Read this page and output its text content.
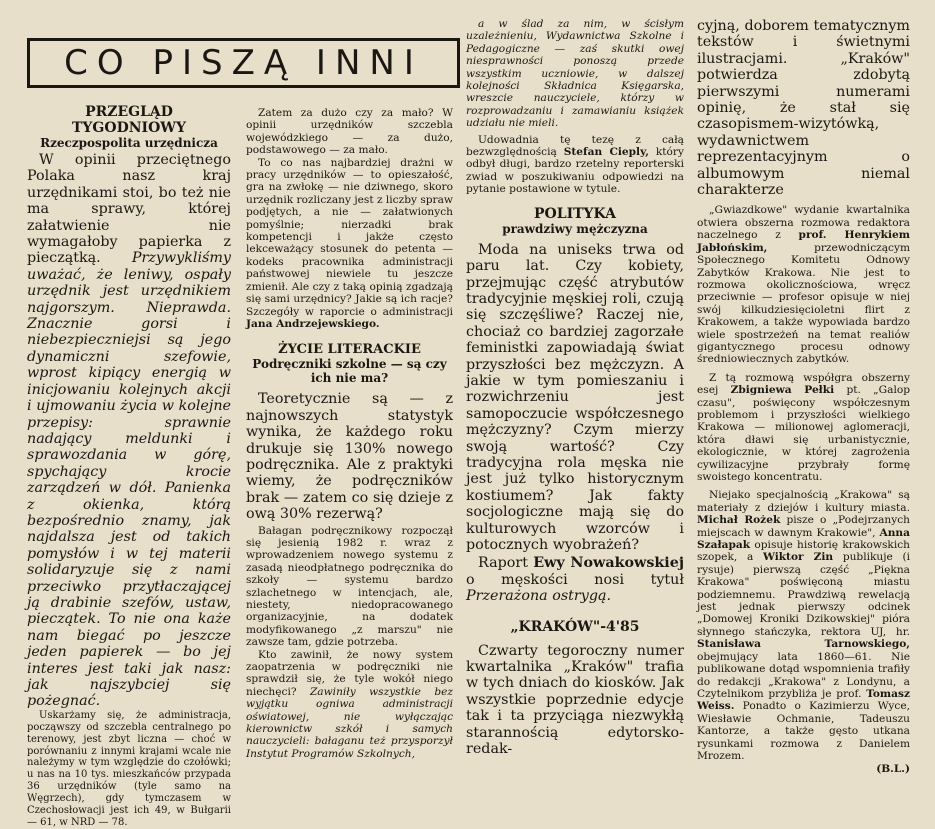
CO PISZĄ INNI

PRZEGLĄD

TYGODNIOWY

Rzeczpospolita urzędnicza

W opinii przeciętnego Polaka nasz kraj urzędnikami stoi, bo też nie ma sprawy, której załatwienie nie wymagałoby papierka z pieczątką. Przywykliśmy uważać, że leniwy, ospały urzędnik jest urzędnikiem najgorszym. Nieprawda. Znacznie gorsi i niebezpieczniejsi są jego dynamiczni szefowie, wprost kipiący energią w inicjowaniu kolejnych akcji i ujmowaniu życia w kolejne przepisy: sprawnie nadający meldunki i sprawozdania w górę, spychający krocie zarządzeń w dół. Panienka z okienka, którą bezpośrednio znamy, jak najdalsza jest od takich pomysłów i w tej materii solidaryzuje się z nami przeciwko przytłaczającej ją drabinie szefów, ustaw, pieczątek. To nie ona każe nam biegać po jeszcze jeden papierek — bo jej interes jest taki jak nasz: jak najszybciej się pożegnać.

Uskarżamy się, że administracja, począwszy od szczebla centralnego po terenowy, jest zbyt liczna — choć w porównaniu z innymi krajami wcale nie należymy w tym względzie do czołówki; u nas na 10 tys. mieszkańców przypada 36 urzędników (tyle samo na Węgrzech), gdy tymczasem w Czechosłowacji jest ich 49, w Bułgarii — 61, w NRD — 78.

Zatem za dużo czy za mało? W opinii urzędników szczebla wojewódzkiego — za dużo, podstawowego — za mało.

To co nas najbardziej drażni w pracy urzędników — to opieszałość, gra na zwłokę — nie dziwnego, skoro urzędnik rozliczany jest z liczby spraw podjętych, a nie — załatwionych pomyślnie; nierzadki brak kompetencji i jakże często lekceważący stosunek do petenta — kodeks pracownika administracji państwowej niewiele tu jeszcze zmienił. Ale czy z taką opinią zgadzają się sami urzędnicy? Jakie są ich racje? Szczegóły w raporcie o administracji Jana Andrzejewskiego.

ŻYCIE LITERACKIE

Podręczniki szkolne — są czy ich nie ma?

Teoretycznie są — z najnowszych statystyk wynika, że każdego roku drukuje się 130% nowego podręcznika. Ale z praktyki wiemy, że podręczników brak — zatem co się dzieje z ową 30% rezerwą?

Bałagan podręcznikowy rozpoczął się jesienią 1982 r. wraz z wprowadzeniem nowego systemu z zasadą nieodpłatnego podręcznika do szkoły — systemu bardzo szlachetnego w intencjach, ale, niestety, niedopracowanego organizacyjnie, na dodatek modyfikowanego „z marszu" nie zawsze tam, gdzie potrzeba.

Kto zawinił, że nowy system zaopatrzenia w podręczniki nie sprawdził się, że tyle wokół niego niechęci? Zawiniły wszystkie bez wyjątku ogniwa administracji oświatowej, nie wyłączając kierownictw szkół i samych nauczycieli: bałaganu też przysporzył Instytut Programów Szkolnych,

a w ślad za nim, w ścisłym uzależnieniu, Wydawnictwa Szkolne i Pedagogiczne — zaś skutki owej niesprawności ponoszą przede wszystkim uczniowie, w dalszej kolejności Składnica Księgarska, wreszcie nauczyciele, którzy w rozprowadzaniu i zamawianiu książek udziału nie mieli.

Udowadnia tę tezę z całą bezwzględnością Stefan Cieply, który odbył długi, bardzo rzetelny reporterski zwiad w poszukiwaniu odpowiedzi na pytanie postawione w tytule.

POLITYKA

prawdziwy mężczyzna

Moda na uniseks trwa od paru lat. Czy kobiety, przejmując część atrybutów tradycyjnie męskiej roli, czują się szczęśliwe? Raczej nie, chociaż co bardziej zagorzałe feministki zapowiadają świat przyszłości bez mężczyzn. A jakie w tym pomieszaniu i rozwichrzeniu jest samopoczucie współczesnego mężczyzny? Czym mierzy swoją wartość? Czy tradycyjna rola męska nie jest już tylko historycznym kostiumem? Jak fakty socjologiczne mają się do kulturowych wzorców i potocznych wyobrażeń?

Raport Ewy Nowakowskiej o męskości nosi tytuł Przerażona ostrygą.

„KRAKÓW"-4'85

Czwarty tegoroczny numer kwartalnika „Kraków" trafia w tych dniach do kiosków. Jak wszystkie poprzednie edycje tak i ta przyciąga niezwykłą starannością edytorsko-redak-

cyjną, doborem tematycznym tekstów i świetnymi ilustracjami. „Kraków" potwierdza zdobytą pierwszymi numerami opinię, że stał się czasopismem-wizytówką, wydawnictwem reprezentacyjnym o albumowym niemal charakterze

„Gwiazdkowe" wydanie kwartalnika otwiera obszerna rozmowa redaktora naczelnego z prof. Henrykiem Jabłońskim,	przewodniczącym Społecznego Komitetu Odnowy Zabytków Krakowa. Nie jest to rozmowa okolicznościowa, wręcz przeciwnie — profesor opisuje w niej swój kilkudziesięcioletni flirt z Krakowem, a także wypowiada bardzo wiele spostrzeżeń na temat realiów gigantycznego procesu odnowy średniowiecznych zabytków.

Z tą rozmową współgra obszerny esej Zbigniewa Pełki pt. „Galop czasu", poświęcony współczesnym problemom i przyszłości wielkiego Krakowa — milionowej aglomeracji, która dławi się urbanistycznie, ekologicznie, w której zagrożenia cywilizacyjne przybrały formę swoistego koncentratu.

Niejako specjalnością „Krakowa" są materiały z dziejów i kultury miasta. Michał Rożek pisze o „Podejrzanych miejscach w dawnym Krakowie", Anna Szałapak opisuje historię krakowskich szopek, a Wiktor Zin publikuje (i rysuje) pierwszą część „Piękna Krakowa" poświęconą miastu podziemnemu. Prawdziwą rewelacją jest jednak pierwszy odcinek „Domowej Kroniki Dzikowskiej" pióra słynnego stańczyka, rektora UJ, hr. Stanisława Tarnowskiego, obejmujący lata 1860—61. Nie publikowane dotąd wspomnienia trafiły do redakcji „Krakowa" z Londynu, a Czytelnikom przybliża je prof. Tomasz Weiss. Ponadto o Kazimierzu Wyce, Wiesławie Ochmanie, Tadeuszu Kantorze, a także gęsto utkana rysunkami rozmowa z Danielem Mrozem.

(B.L.)
